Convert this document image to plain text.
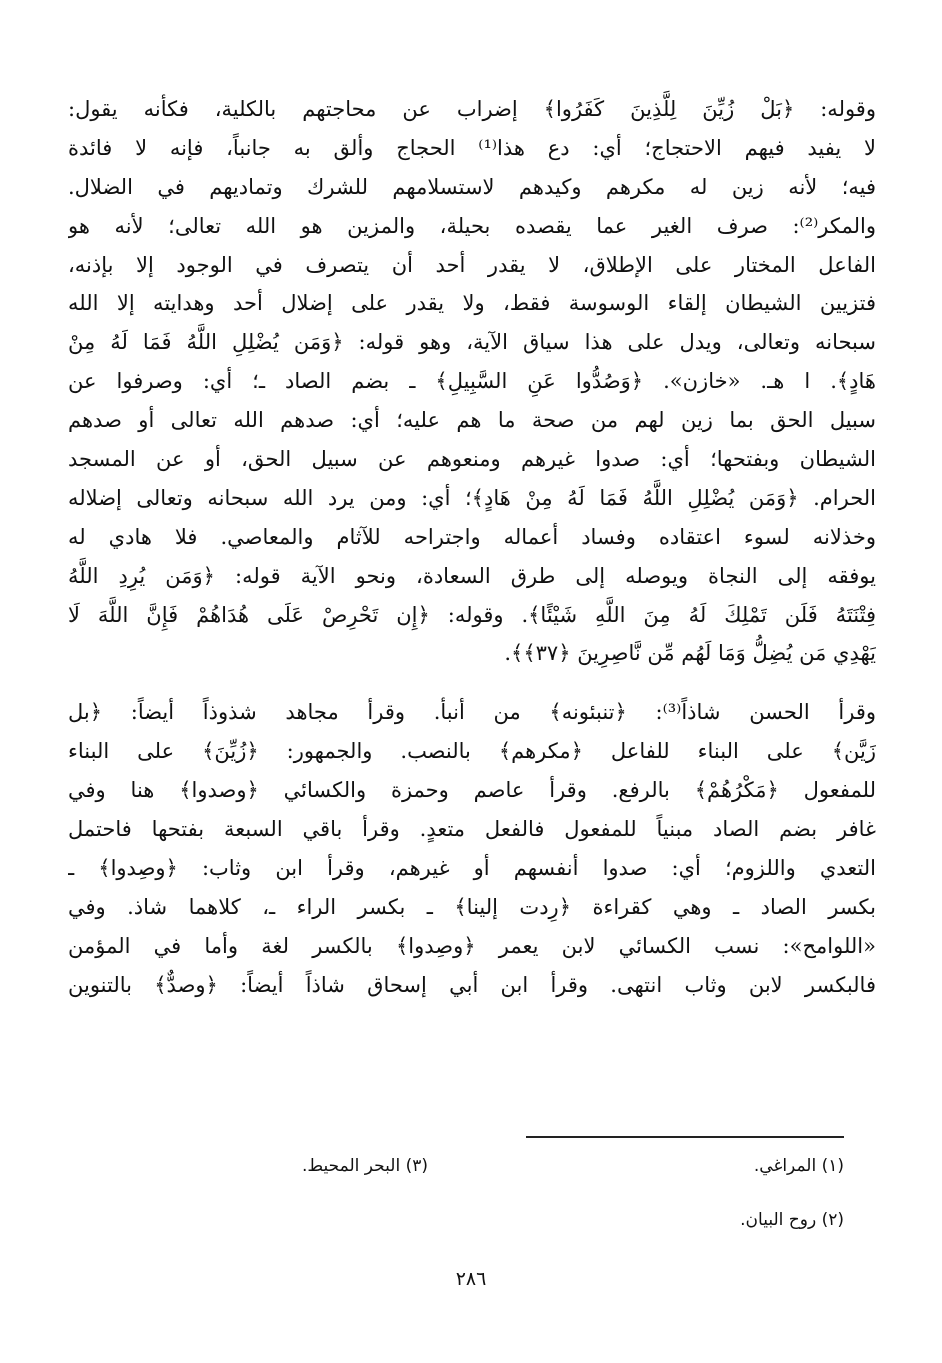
وقوله: ﴿بَلْ زُيِّنَ لِلَّذِينَ كَفَرُوا﴾ إضراب عن محاجتهم بالكلية، فكأنه يقول:
لا يفيد فيهم الاحتجاج؛ أي: دع هذا⁽¹⁾ الحجاج وألق به جانباً، فإنه لا فائدة
فيه؛ لأنه زين له مكرهم وكيدهم لاستسلامهم للشرك وتماديهم في الضلال.
والمكر⁽²⁾: صرف الغير عما يقصده بحيلة، والمزين هو الله تعالى؛ لأنه هو
الفاعل المختار على الإطلاق، لا يقدر أحد أن يتصرف في الوجود إلا بإذنه،
فتزيين الشيطان إلقاء الوسوسة فقط، ولا يقدر على إضلال أحد وهدايته إلا الله
سبحانه وتعالى، ويدل على هذا سياق الآية، وهو قوله: ﴿وَمَن يُضْلِلِ اللَّهُ فَمَا لَهُ مِنْ
هَادٍ﴾. ا هـ. «خازن». ﴿وَصُدُّوا عَنِ السَّبِيلِ﴾ ـ بضم الصاد ـ؛ أي: وصرفوا عن
سبيل الحق بما زين لهم من صحة ما هم عليه؛ أي: صدهم الله تعالى أو صدهم
الشيطان وبفتحها؛ أي: صدوا غيرهم ومنعوهم عن سبيل الحق، أو عن المسجد
الحرام. ﴿وَمَن يُضْلِلِ اللَّهُ فَمَا لَهُ مِنْ هَادٍ﴾؛ أي: ومن يرد الله سبحانه وتعالى إضلاله
وخذلانه لسوء اعتقاده وفساد أعماله واجتراحه للآثام والمعاصي. فلا هادي له
يوفقه إلى النجاة ويوصله إلى طرق السعادة، ونحو الآية قوله: ﴿وَمَن يُرِدِ اللَّهُ
فِتْنَتَهُ فَلَن تَمْلِكَ لَهُ مِنَ اللَّهِ شَيْئًا﴾. وقوله: ﴿إِن تَحْرِصْ عَلَى هُدَاهُمْ فَإِنَّ اللَّهَ لَا
يَهْدِي مَن يُضِلُّ وَمَا لَهُم مِّن نَّاصِرِينَ ﴿٣٧﴾﴾.
وقرأ الحسن شاذاً⁽³⁾: ﴿تنبئونه﴾ من أنبأ. وقرأ مجاهد شذوذاً أيضاً: ﴿بل
زَيَّن﴾ على البناء للفاعل ﴿مكرهم﴾ بالنصب. والجمهور: ﴿زُيِّنَ﴾ على البناء
للمفعول ﴿مَكْرُهُمْ﴾ بالرفع. وقرأ عاصم وحمزة والكسائي ﴿وصدوا﴾ هنا وفي
غافر بضم الصاد مبنياً للمفعول فالفعل متعدٍ. وقرأ باقي السبعة بفتحها فاحتمل
التعدي واللزوم؛ أي: صدوا أنفسهم أو غيرهم، وقرأ ابن وثاب: ﴿وصِدوا﴾ ـ
بكسر الصاد ـ وهي كقراءة ﴿رِدت إلينا﴾ ـ بكسر الراء ـ، كلاهما شاذ. وفي
«اللوامح»: نسب الكسائي لابن يعمر ﴿وصِدوا﴾ بالكسر لغة وأما في المؤمن
فالبكسر لابن وثاب انتهى. وقرأ ابن أبي إسحاق شاذاً أيضاً: ﴿وصدٌّ﴾ بالتنوين
(١) المراغي.
(٣) البحر المحيط.
(٢) روح البيان.
٢٨٦
